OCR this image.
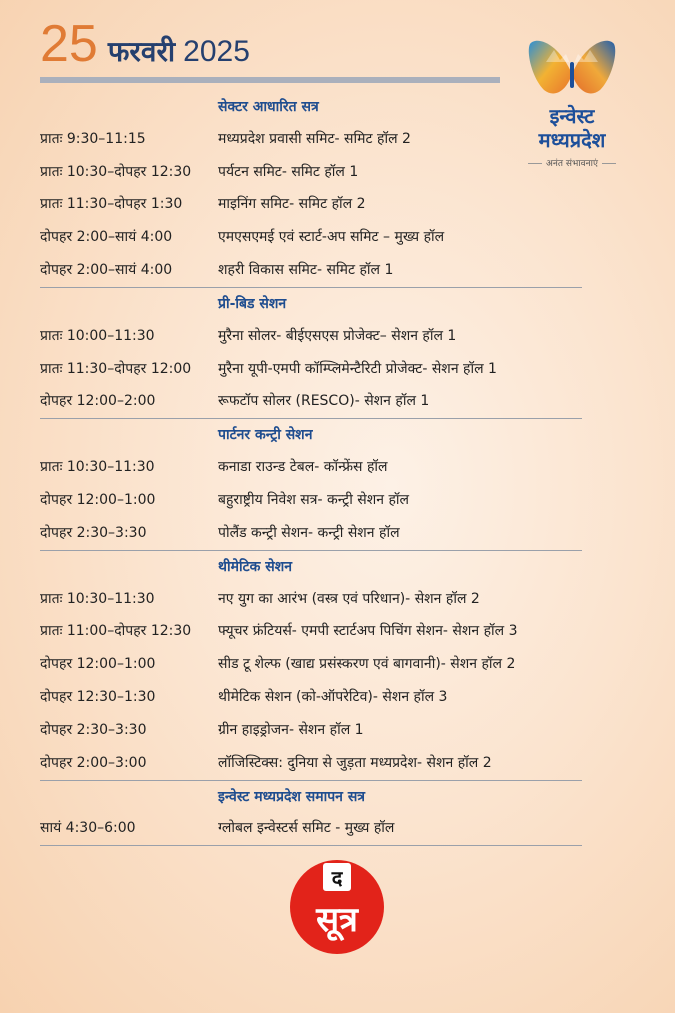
25 फरवरी 2025
इन्वेस्ट
मध्यप्रदेश
अनंत संभावनाएं
सेक्टर आधारित सत्र
प्रातः 9:30–11:15	मध्यप्रदेश प्रवासी समिट- समिट हॉल 2
प्रातः 10:30–दोपहर 12:30	पर्यटन समिट- समिट हॉल 1
प्रातः 11:30–दोपहर 1:30	माइनिंग समिट- समिट हॉल 2
दोपहर 2:00–सायं 4:00	एमएसएमई एवं स्टार्ट-अप समिट – मुख्य हॉल
दोपहर 2:00–सायं 4:00	शहरी विकास समिट- समिट हॉल 1
प्री-बिड सेशन
प्रातः 10:00–11:30	मुरैना सोलर- बीईएसएस प्रोजेक्ट– सेशन हॉल 1
प्रातः 11:30–दोपहर 12:00	मुरैना यूपी-एमपी कॉम्प्लिमेन्टैरिटी प्रोजेक्ट- सेशन हॉल 1
दोपहर 12:00–2:00	रूफटॉप सोलर (RESCO)- सेशन हॉल 1
पार्टनर कन्ट्री सेशन
प्रातः 10:30–11:30	कनाडा राउन्ड टेबल- कॉन्फ्रेंस हॉल
दोपहर 12:00–1:00	बहुराष्ट्रीय निवेश सत्र- कन्ट्री सेशन हॉल
दोपहर 2:30–3:30	पोलैंड कन्ट्री सेशन- कन्ट्री सेशन हॉल
थीमेटिक सेशन
प्रातः 10:30–11:30	नए युग का आरंभ (वस्त्र एवं परिधान)- सेशन हॉल 2
प्रातः 11:00–दोपहर 12:30	फ्यूचर फ्रंटियर्स- एमपी स्टार्टअप पिचिंग सेशन- सेशन हॉल 3
दोपहर 12:00–1:00	सीड टू शेल्फ (खाद्य प्रसंस्करण एवं बागवानी)- सेशन हॉल 2
दोपहर 12:30–1:30	थीमेटिक सेशन (को-ऑपरेटिव)- सेशन हॉल 3
दोपहर 2:30–3:30	ग्रीन हाइड्रोजन- सेशन हॉल 1
दोपहर 2:00–3:00	लॉजिस्टिक्स: दुनिया से जुड़ता मध्यप्रदेश- सेशन हॉल 2
इन्वेस्ट मध्यप्रदेश समापन सत्र
सायं 4:30–6:00	ग्लोबल इन्वेस्टर्स समिट - मुख्य हॉल
द
सूत्र
